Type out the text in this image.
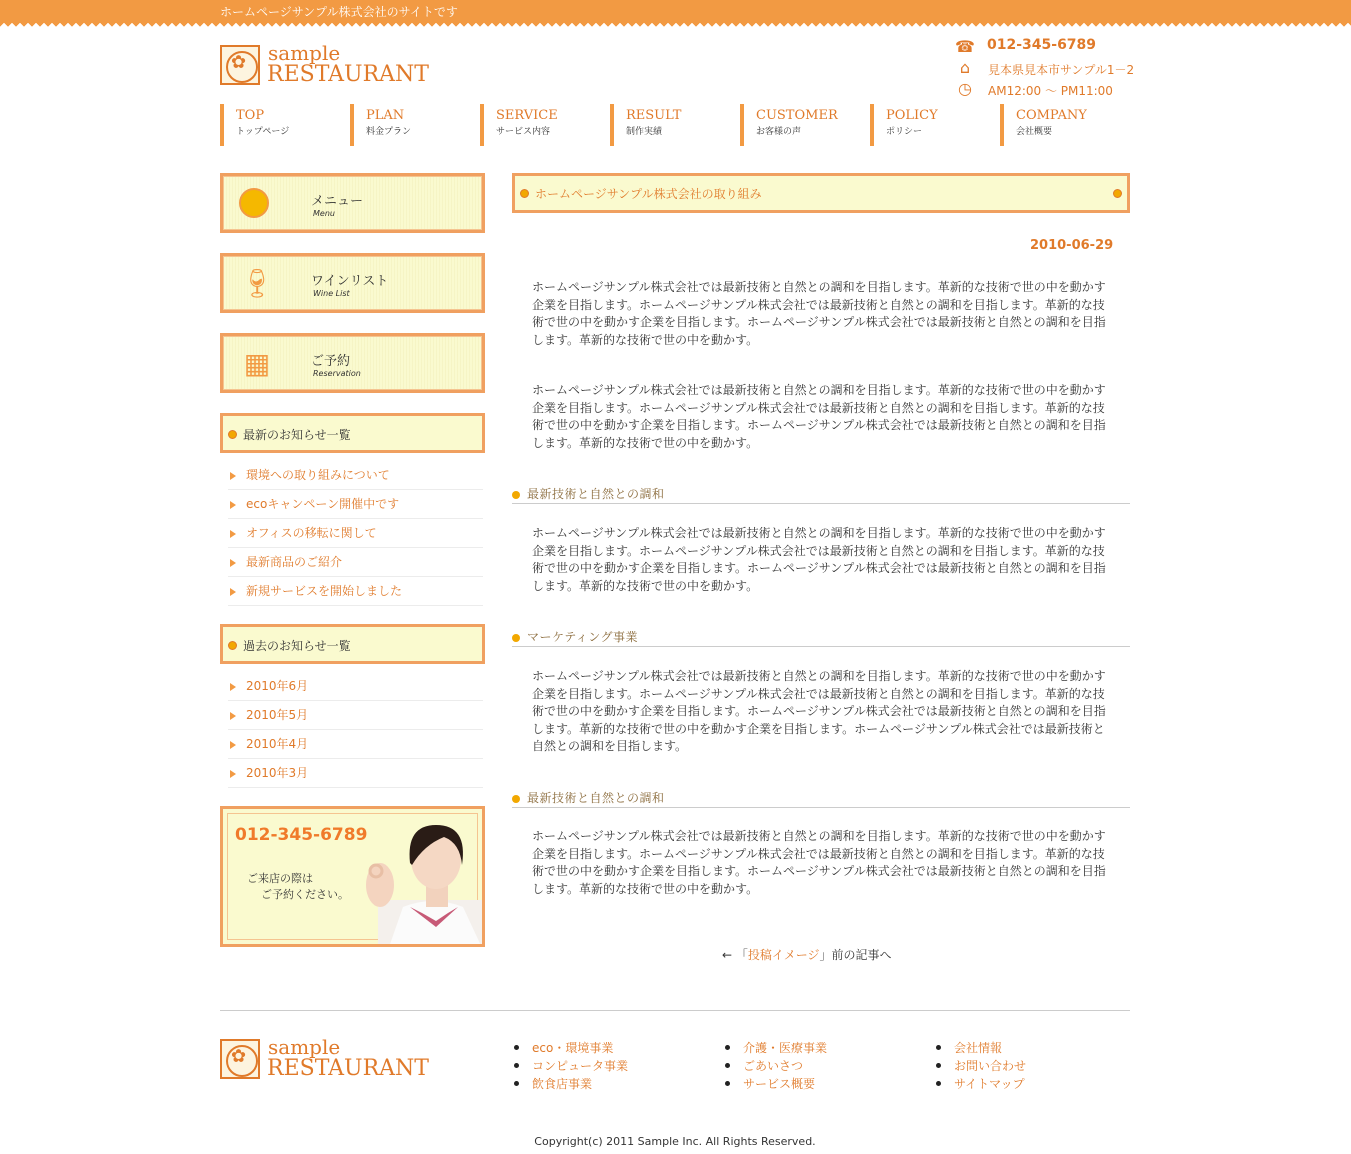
ホームページサンプル株式会社のサイトです
✿
sample
RESTAURANT
☎ 012-345-6789
⌂	見本県見本市サンプル1－2
◷ AM12:00 ～ PM11:00
TOP
トップページ
PLAN
料金プラン
SERVICE
サービス内容
RESULT
制作実績
CUSTOMER
お客様の声
POLICY
ポリシー
COMPANY
会社概要
メニュー
Menu
🍷︎	ワインリスト
Wine List
▦	ご予約
Reservation
最新のお知らせ一覧
環境への取り組みについて
ecoキャンペーン開催中です
オフィスの移転に関して
最新商品のご紹介
新規サービスを開始しました
過去のお知らせ一覧
2010年6月
2010年5月
2010年4月
2010年3月
012-345-6789
ご来店の際は
ご予約ください。
ホームページサンプル株式会社の取り組み
2010-06-29

ホームページサンプル株式会社では最新技術と自然との調和を目指します。革新的な技術で世の中を動かす企業を目指します。ホームページサンプル株式会社では最新技術と自然との調和を目指します。革新的な技術で世の中を動かす企業を目指します。ホームページサンプル株式会社では最新技術と自然との調和を目指します。革新的な技術で世の中を動かす。

ホームページサンプル株式会社では最新技術と自然との調和を目指します。革新的な技術で世の中を動かす企業を目指します。ホームページサンプル株式会社では最新技術と自然との調和を目指します。革新的な技術で世の中を動かす企業を目指します。ホームページサンプル株式会社では最新技術と自然との調和を目指します。革新的な技術で世の中を動かす。

最新技術と自然との調和

ホームページサンプル株式会社では最新技術と自然との調和を目指します。革新的な技術で世の中を動かす企業を目指します。ホームページサンプル株式会社では最新技術と自然との調和を目指します。革新的な技術で世の中を動かす企業を目指します。ホームページサンプル株式会社では最新技術と自然との調和を目指します。革新的な技術で世の中を動かす。

マーケティング事業

ホームページサンプル株式会社では最新技術と自然との調和を目指します。革新的な技術で世の中を動かす企業を目指します。ホームページサンプル株式会社では最新技術と自然との調和を目指します。革新的な技術で世の中を動かす企業を目指します。ホームページサンプル株式会社では最新技術と自然との調和を目指します。革新的な技術で世の中を動かす企業を目指します。ホームページサンプル株式会社では最新技術と自然との調和を目指します。

最新技術と自然との調和

ホームページサンプル株式会社では最新技術と自然との調和を目指します。革新的な技術で世の中を動かす企業を目指します。ホームページサンプル株式会社では最新技術と自然との調和を目指します。革新的な技術で世の中を動かす企業を目指します。ホームページサンプル株式会社では最新技術と自然との調和を目指します。革新的な技術で世の中を動かす。

← 「投稿イメージ」前の記事へ
✿
sample
RESTAURANT
eco・環境事業
コンピュータ事業
飲食店事業
介護・医療事業
ごあいさつ
サービス概要
会社情報
お問い合わせ
サイトマップ
Copyright(c) 2011 Sample Inc. All Rights Reserved.
